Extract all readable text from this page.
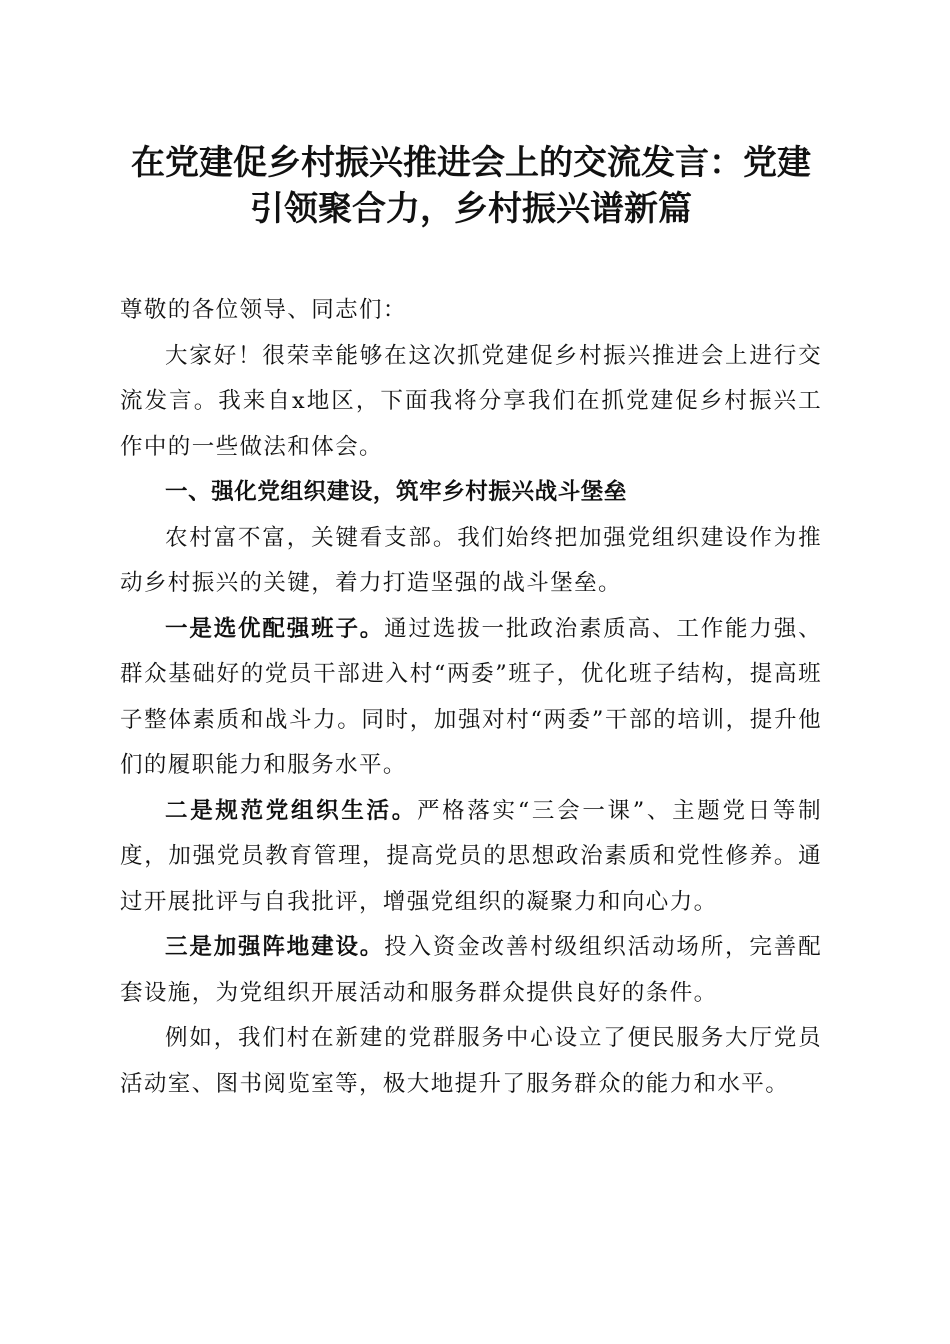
在党建促乡村振兴推进会上的交流发言：党建
引领聚合力，乡村振兴谱新篇

尊敬的各位领导、同志们：

大家好！很荣幸能够在这次抓党建促乡村振兴推进会上进行交流发言。我来自x地区，下面我将分享我们在抓党建促乡村振兴工作中的一些做法和体会。

一、强化党组织建设，筑牢乡村振兴战斗堡垒

农村富不富，关键看支部。我们始终把加强党组织建设作为推动乡村振兴的关键，着力打造坚强的战斗堡垒。

一是选优配强班子。通过选拔一批政治素质高、工作能力强、群众基础好的党员干部进入村“两委”班子，优化班子结构，提高班子整体素质和战斗力。同时，加强对村“两委”干部的培训，提升他们的履职能力和服务水平。

二是规范党组织生活。严格落实“三会一课”、主题党日等制度，加强党员教育管理，提高党员的思想政治素质和党性修养。通过开展批评与自我批评，增强党组织的凝聚力和向心力。

三是加强阵地建设。投入资金改善村级组织活动场所，完善配套设施，为党组织开展活动和服务群众提供良好的条件。

例如，我们村在新建的党群服务中心设立了便民服务大厅党员活动室、图书阅览室等，极大地提升了服务群众的能力和水平。
